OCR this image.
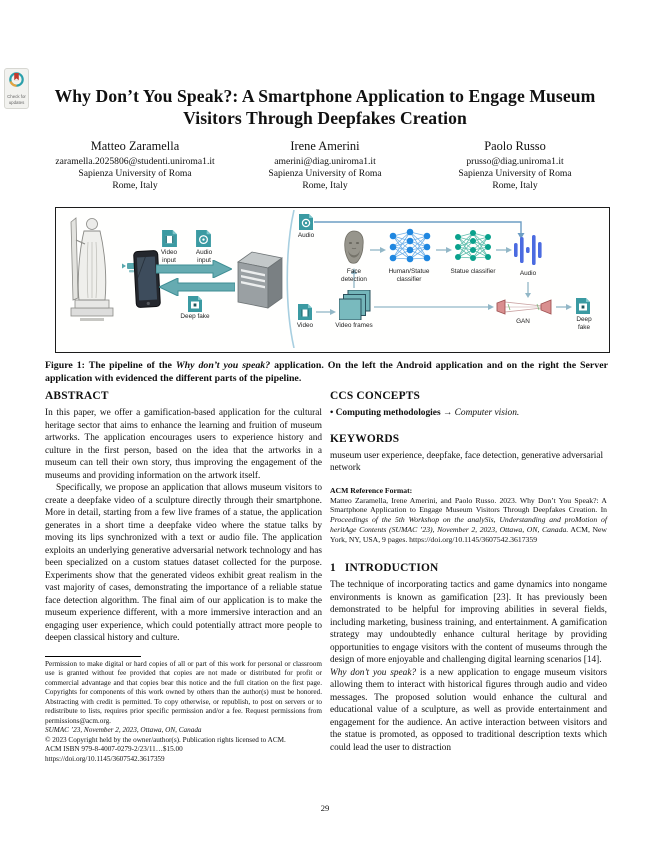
Check for updates Why Don’t You Speak?: A Smartphone Application to Engage Museum Visitors Through Deepfakes Creation
Matteo Zaramella
zaramella.2025806@studenti.uniroma1.it
Sapienza University of Roma
Rome, Italy
Irene Amerini
amerini@diag.uniroma1.it
Sapienza University of Roma
Rome, Italy
Paolo Russo
prusso@diag.uniroma1.it
Sapienza University of Roma
Rome, Italy
Video input
Audio input
Deep fake
Audio
Video	Video frames
Face detection
Human/Statue classifier
Statue classifier	Audio
GAN	Deep fake
Figure 1: The pipeline of the Why don’t you speak? application. On the left the Android application and on the right the Server application with evidenced the different parts of the pipeline.
ABSTRACT
In this paper, we offer a gamification-based application for the cultural heritage sector that aims to enhance the learning and fruition of museum artworks. The application encourages users to experience history and culture in the first person, based on the idea that the artworks in a museum can tell their own story, thus improving the engagement of the museums and providing information on the artwork itself.
Specifically, we propose an application that allows museum visitors to create a deepfake video of a sculpture directly through their smartphone. More in detail, starting from a few live frames of a statue, the application generates in a short time a deepfake video where the statue talks by moving its lips synchronized with a text or audio file. The application exploits an underlying generative adversarial network technology and has been specialized on a custom statues dataset collected for the purpose. Experiments show that the generated videos exhibit great realism in the vast majority of cases, demonstrating the importance of a reliable statue face detection algorithm. The final aim of our application is to make the museum experience different, with a more immersive interaction and an engaging user experience, which could potentially attract more people to deepen classical history and culture.
Permission to make digital or hard copies of all or part of this work for personal or classroom use is granted without fee provided that copies are not made or distributed for profit or commercial advantage and that copies bear this notice and the full citation on the first page. Copyrights for components of this work owned by others than the author(s) must be honored. Abstracting with credit is permitted. To copy otherwise, or republish, to post on servers or to redistribute to lists, requires prior specific permission and/or a fee. Request permissions from permissions@acm.org.
SUMAC ’23, November 2, 2023, Ottawa, ON, Canada
© 2023 Copyright held by the owner/author(s). Publication rights licensed to ACM.
ACM ISBN 979-8-4007-0279-2/23/11…$15.00
https://doi.org/10.1145/3607542.3617359
CCS CONCEPTS
• Computing methodologies → Computer vision.
KEYWORDS
museum user experience, deepfake, face detection, generative adversarial network
ACM Reference Format:
Matteo Zaramella, Irene Amerini, and Paolo Russo. 2023. Why Don’t You Speak?: A Smartphone Application to Engage Museum Visitors Through Deepfakes Creation. In Proceedings of the 5th Workshop on the analySis, Understanding and proMotion of heritAge Contents (SUMAC ’23), November 2, 2023, Ottawa, ON, Canada. ACM, New York, NY, USA, 9 pages. https://doi.org/10.1145/3607542.3617359
1 INTRODUCTION
The technique of incorporating tactics and game dynamics into nongame environments is known as gamification [23]. It has previously been demonstrated to be helpful for improving abilities in several fields, including marketing, business training, and entertainment. A gamification strategy may undoubtedly enhance cultural heritage by providing opportunities to engage visitors with the content of museums through the design of more enjoyable and challenging digital learning scenarios [14].
Why don’t you speak? is a new application to engage museum visitors allowing them to interact with historical figures through audio and video messages. The proposed solution would enhance the cultural and educational value of a sculpture, as well as provide entertainment and engagement for the audience. An active interaction between visitors and the statue is promoted, as opposed to traditional description texts which could lead the user to distraction
29
